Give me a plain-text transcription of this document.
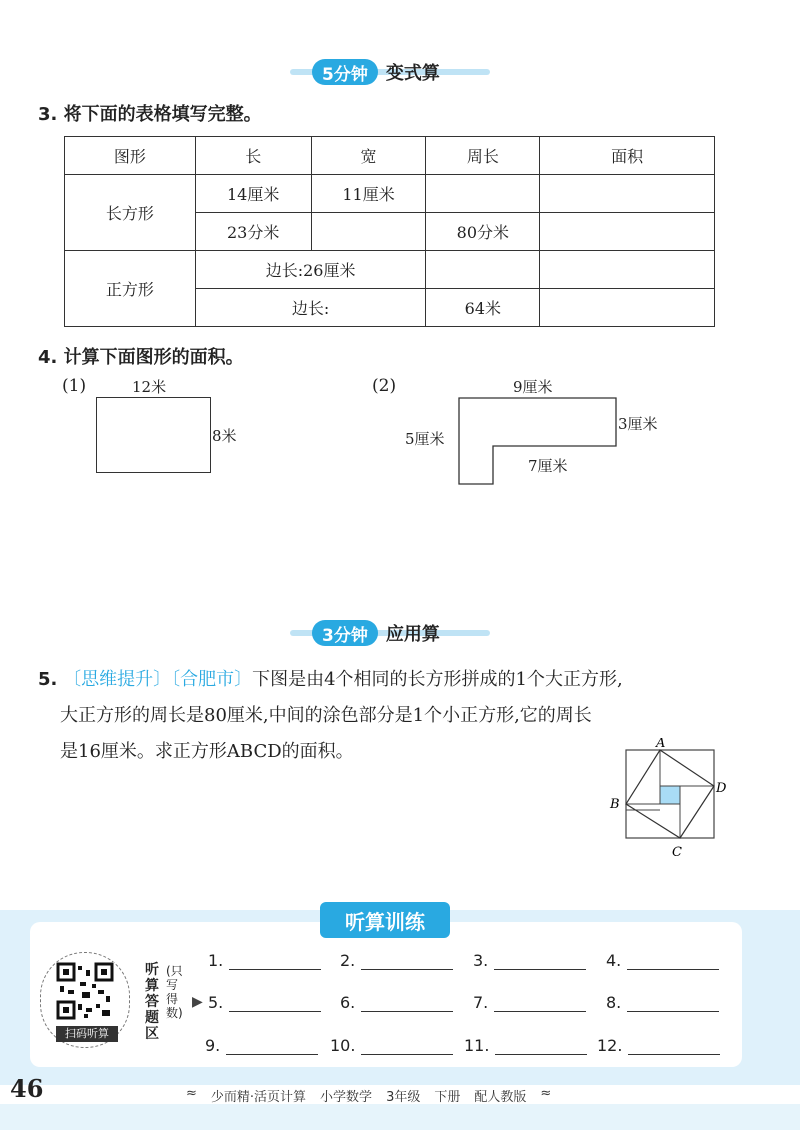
5分钟	变式算
3. 将下面的表格填写完整。
图形	长	宽	周长	面积
长方形	14厘米	11厘米		
	23分米		80分米	
正方形	边长:26厘米			
	边长:		64米	
4. 计算下面图形的面积。
(1)	12米
8米
(2)	9厘米
3厘米
5厘米
7厘米
3分钟	应用算
5. 〔思维提升〕〔合肥市〕下图是由4个相同的长方形拼成的1个大正方形,
大正方形的周长是80厘米,中间的涂色部分是1个小正方形,它的周长
是16厘米。求正方形ABCD的面积。	A
B
C
D
听算训练
扫码听算
听算答题区
(只写得数)
▶
1.	2.	3.	4.
5.	6.	7.	8.
9.	10.	11.	12.
46	≈ 少而精·活页计算 小学数学 3年级 下册 配人教版 ≈
